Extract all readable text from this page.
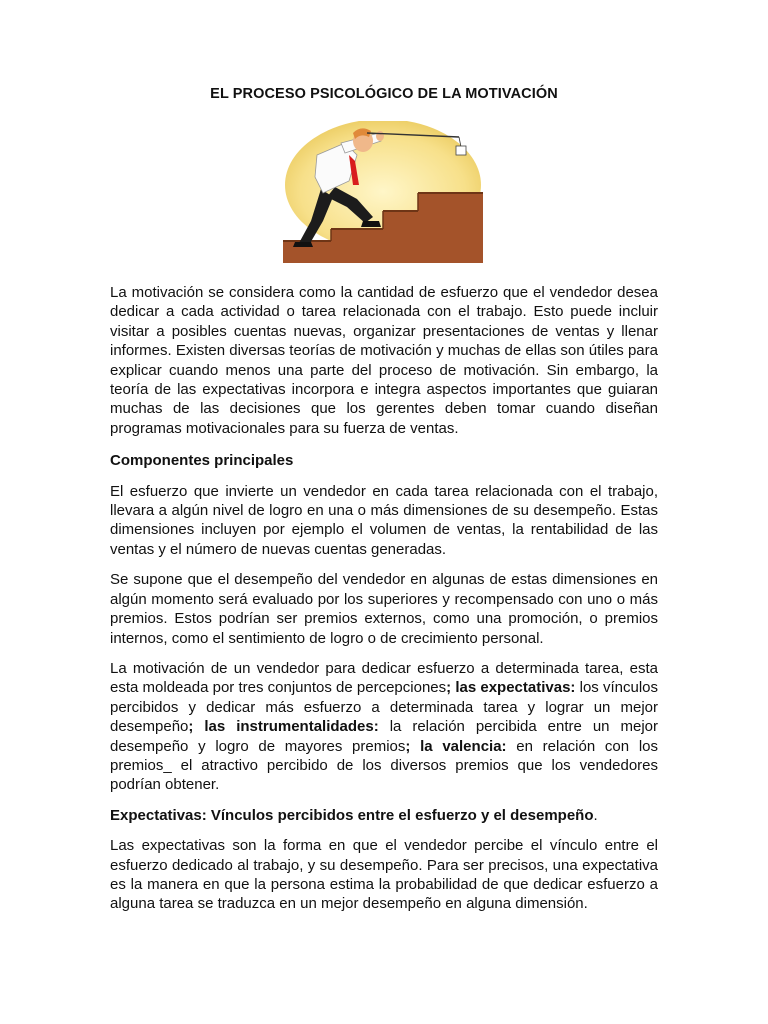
EL PROCESO PSICOLÓGICO DE LA MOTIVACIÓN

La motivación se considera como la cantidad de esfuerzo que el vendedor desea dedicar a cada actividad o tarea relacionada con el trabajo. Esto puede incluir visitar a posibles cuentas nuevas, organizar presentaciones de ventas y llenar informes. Existen diversas teorías de motivación y muchas de ellas son útiles para explicar cuando menos una parte del proceso de motivación. Sin embargo, la teoría de las expectativas incorpora e integra aspectos importantes que guiaran muchas de las decisiones que los gerentes deben tomar cuando diseñan programas motivacionales para su fuerza de ventas.

Componentes principales

El esfuerzo que invierte un vendedor en cada tarea relacionada con el trabajo, llevara a algún nivel de logro en una o más dimensiones de su desempeño. Estas dimensiones incluyen por ejemplo el volumen de ventas, la rentabilidad de las ventas y el número de nuevas cuentas generadas.

Se supone que el desempeño del vendedor en algunas de estas dimensiones en algún momento será evaluado por los superiores y recompensado con uno o más premios. Estos podrían ser premios externos, como una promoción, o premios internos, como el sentimiento de logro o de crecimiento personal.

La motivación de un vendedor para dedicar esfuerzo a determinada tarea, esta esta moldeada por tres conjuntos de percepciones; las expectativas: los vínculos percibidos y dedicar más esfuerzo a determinada tarea y lograr un mejor desempeño; las instrumentalidades: la relación percibida entre un mejor desempeño y logro de mayores premios; la valencia: en relación con los premios_ el atractivo percibido de los diversos premios que los vendedores podrían obtener.

Expectativas: Vínculos percibidos entre el esfuerzo y el desempeño.

Las expectativas son la forma en que el vendedor percibe el vínculo entre el esfuerzo dedicado al trabajo, y su desempeño. Para ser precisos, una expectativa es la manera en que la persona estima la probabilidad de que dedicar esfuerzo a alguna tarea se traduzca en un mejor desempeño en alguna dimensión.
